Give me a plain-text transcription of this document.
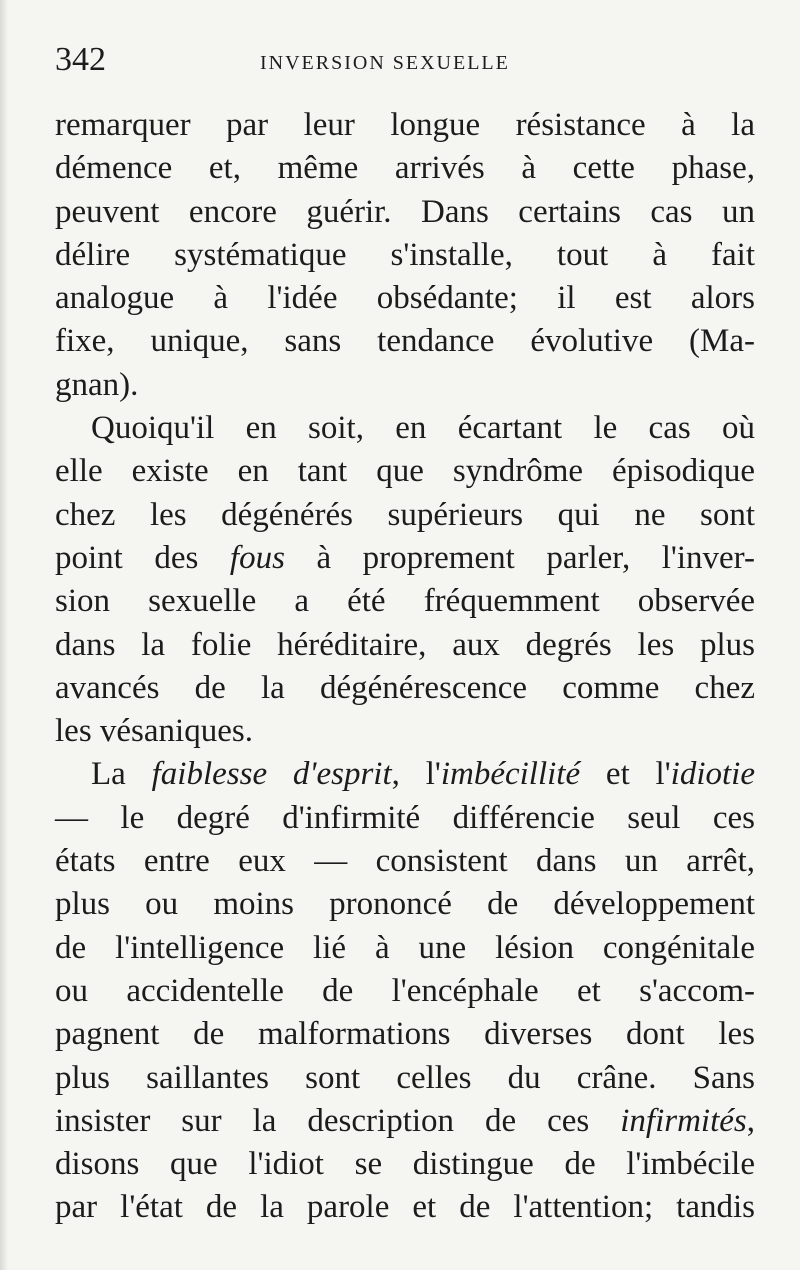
342	INVERSION SEXUELLE
remarquer par leur longue résistance à la
démence et, même arrivés à cette phase,
peuvent encore guérir. Dans certains cas un
délire systématique s'installe, tout à fait
analogue à l'idée obsédante; il est alors
fixe, unique, sans tendance évolutive (Ma-
gnan).
Quoiqu'il en soit, en écartant le cas où
elle existe en tant que syndrôme épisodique
chez les dégénérés supérieurs qui ne sont
point des fous à proprement parler, l'inver-
sion sexuelle a été fréquemment observée
dans la folie héréditaire, aux degrés les plus
avancés de la dégénérescence comme chez
les vésaniques.
La faiblesse d'esprit, l'imbécillité et l'idiotie
— le degré d'infirmité différencie seul ces
états entre eux — consistent dans un arrêt,
plus ou moins prononcé de développement
de l'intelligence lié à une lésion congénitale
ou accidentelle de l'encéphale et s'accom-
pagnent de malformations diverses dont les
plus saillantes sont celles du crâne. Sans
insister sur la description de ces infirmités,
disons que l'idiot se distingue de l'imbécile
par l'état de la parole et de l'attention; tandis
